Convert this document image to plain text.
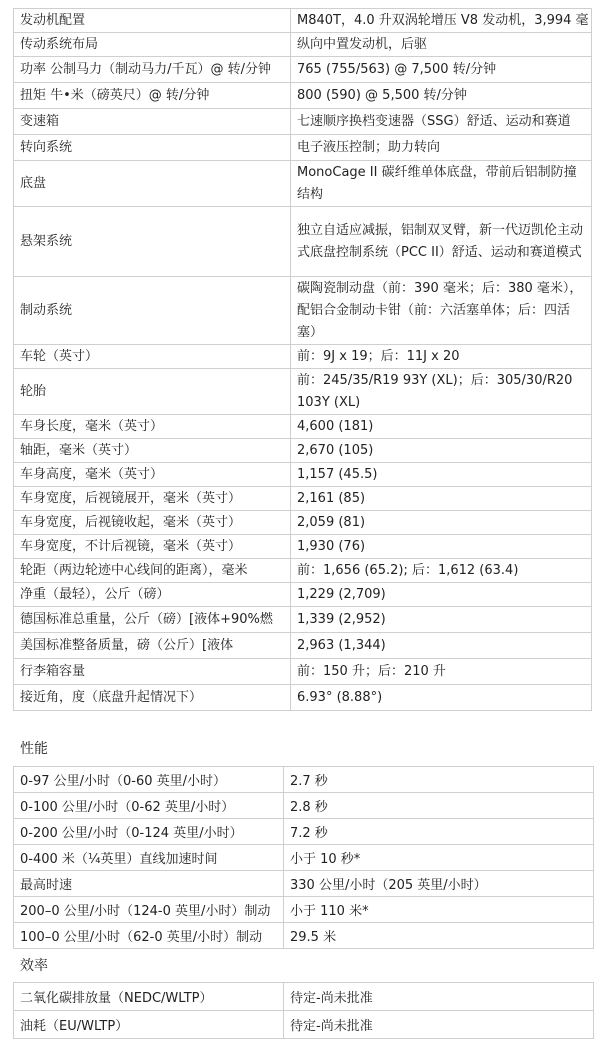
发动机配置	M840T，4.0 升双涡轮增压 V8 发动机，3,994 毫
传动系统布局	纵向中置发动机，后驱
功率 公制马力（制动马力/千瓦）@ 转/分钟	765 (755/563) @ 7,500 转/分钟
扭矩 牛•米（磅英尺）@ 转/分钟	800 (590) @ 5,500 转/分钟
变速箱	七速顺序换档变速器（SSG）舒适、运动和赛道
转向系统	电子液压控制；助力转向
底盘	MonoCage II 碳纤维单体底盘，带前后铝制防撞结构
悬架系统	独立自适应减振，铝制双叉臂，新一代迈凯伦主动式底盘控制系统（PCC II）舒适、运动和赛道模式
制动系统	碳陶瓷制动盘（前：390 毫米；后：380 毫米），配铝合金制动卡钳（前：六活塞单体；后：四活塞）
车轮（英寸）	前：9J x 19；后：11J x 20
轮胎	前：245/35/R19 93Y (XL)；后：305/30/R20 103Y (XL)
车身长度，毫米（英寸）	4,600 (181)
轴距，毫米（英寸）	2,670 (105)
车身高度，毫米（英寸）	1,157 (45.5)
车身宽度，后视镜展开，毫米（英寸）	2,161 (85)
车身宽度，后视镜收起，毫米（英寸）	2,059 (81)
车身宽度，不计后视镜，毫米（英寸）	1,930 (76)
轮距（两边轮迹中心线间的距离），毫米	前：1,656 (65.2); 后：1,612 (63.4)
净重（最轻），公斤（磅）	1,229 (2,709)
德国标准总重量，公斤（磅）[液体+90%燃	1,339 (2,952)
美国标准整备质量，磅（公斤）[液体	2,963 (1,344)
行李箱容量	前：150 升；后：210 升
接近角，度（底盘升起情况下）	6.93° (8.88°)
性能
0-97 公里/小时（0-60 英里/小时）	2.7 秒
0-100 公里/小时（0-62 英里/小时）	2.8 秒
0-200 公里/小时（0-124 英里/小时）	7.2 秒
0-400 米（¼英里）直线加速时间	小于 10 秒*
最高时速	330 公里/小时（205 英里/小时）
200–0 公里/小时（124-0 英里/小时）制动	小于 110 米*
100–0 公里/小时（62-0 英里/小时）制动	29.5 米
效率
二氧化碳排放量（NEDC/WLTP）	待定-尚未批准
油耗（EU/WLTP）	待定-尚未批准
